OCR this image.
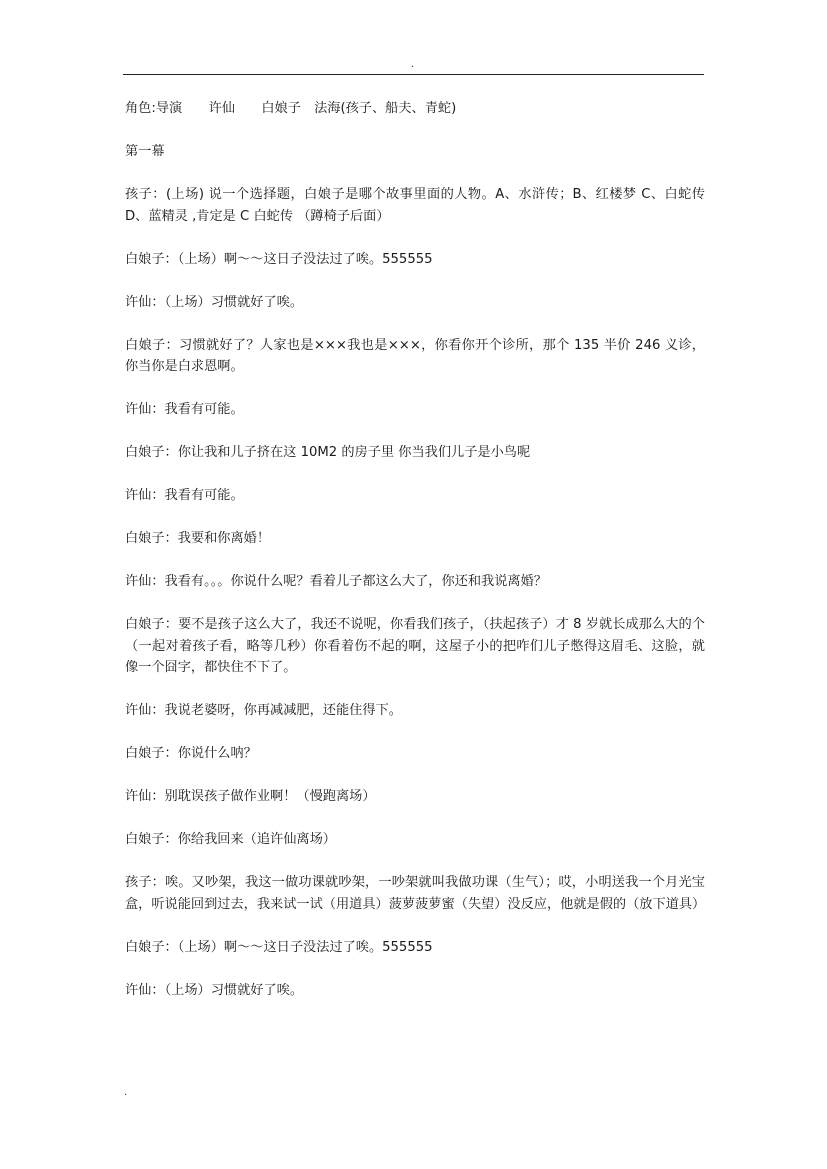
.

角色:导演　　许仙　　白娘子　法海(孩子、船夫、青蛇)

第一幕

孩子：(上场) 说一个选择题，白娘子是哪个故事里面的人物。A、水浒传；B、红楼梦 C、白蛇传 D、蓝精灵 ,肯定是 C 白蛇传 （蹲椅子后面）

白娘子：（上场）啊～～这日子没法过了唉。555555

许仙：（上场）习惯就好了唉。

白娘子：习惯就好了？人家也是×××我也是×××，你看你开个诊所，那个 135 半价 246 义诊，你当你是白求恩啊。

许仙：我看有可能。

白娘子：你让我和儿子挤在这 10M2 的房子里 你当我们儿子是小鸟呢

许仙：我看有可能。

白娘子：我要和你离婚！

许仙：我看有。。。你说什么呢？看着儿子都这么大了，你还和我说离婚？

白娘子：要不是孩子这么大了，我还不说呢，你看我们孩子，（扶起孩子）才 8 岁就长成那么大的个（一起对着孩子看，略等几秒）你看着伤不起的啊，这屋子小的把咋们儿子憋得这眉毛、这脸，就像一个囧字，都快住不下了。

许仙：我说老婆呀，你再减减肥，还能住得下。

白娘子：你说什么呐？

许仙：别耽误孩子做作业啊！（慢跑离场）

白娘子：你给我回来（追许仙离场）

孩子：唉。又吵架，我这一做功课就吵架，一吵架就叫我做功课（生气）；哎，小明送我一个月光宝盒，听说能回到过去，我来试一试（用道具）菠萝菠萝蜜（失望）没反应，他就是假的（放下道具）

白娘子：（上场）啊～～这日子没法过了唉。555555

许仙：（上场）习惯就好了唉。

.
